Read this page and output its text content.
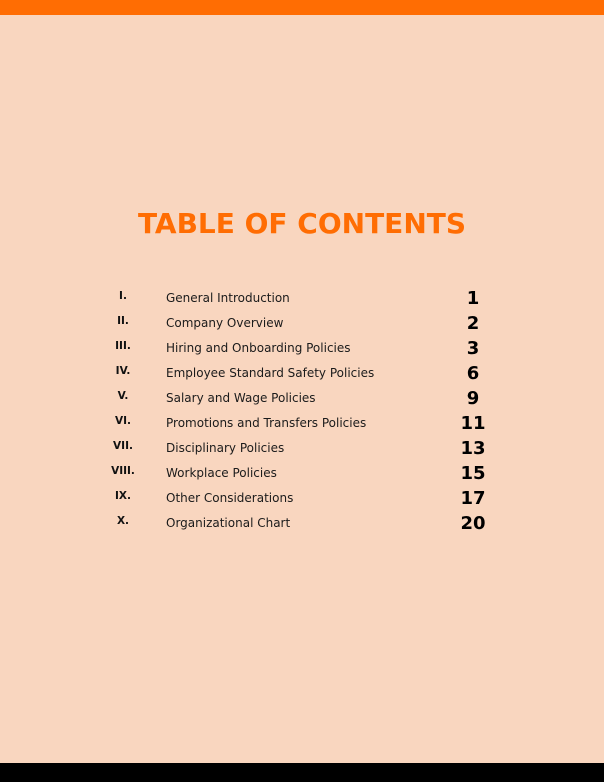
TABLE OF CONTENTS
I.	General Introduction	1
II.	Company Overview	2
III.	Hiring and Onboarding Policies	3
IV.	Employee Standard Safety Policies	6
V.	Salary and Wage Policies	9
VI.	Promotions and Transfers Policies	11
VII.	Disciplinary Policies	13
VIII.	Workplace Policies	15
IX.	Other Considerations	17
X.	Organizational Chart	20
